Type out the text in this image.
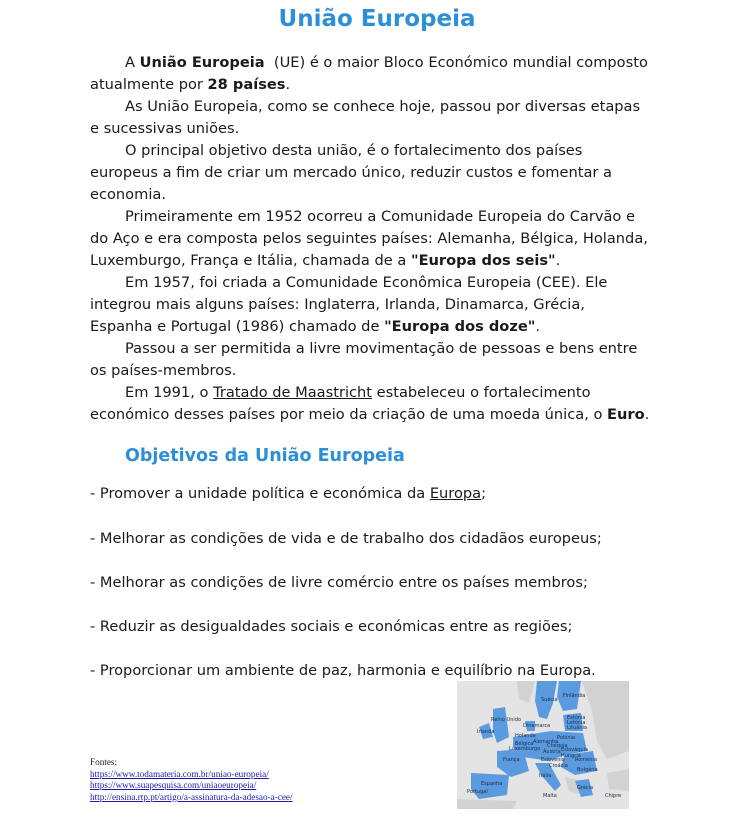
União Europeia

A União Europeia  (UE) é o maior Bloco Económico mundial composto atualmente por 28 países.

As União Europeia, como se conhece hoje, passou por diversas etapas e sucessivas uniões.

O principal objetivo desta união, é o fortalecimento dos países europeus a fim de criar um mercado único, reduzir custos e fomentar a economia.

Primeiramente em 1952 ocorreu a Comunidade Europeia do Carvão e do Aço e era composta pelos seguintes países: Alemanha, Bélgica, Holanda, Luxemburgo, França e Itália, chamada de a "Europa dos seis".

Em 1957, foi criada a Comunidade Econômica Europeia (CEE). Ele integrou mais alguns países: Inglaterra, Irlanda, Dinamarca, Grécia, Espanha e Portugal (1986) chamado de "Europa dos doze".

Passou a ser permitida a livre movimentação de pessoas e bens entre os países-membros.

Em 1991, o Tratado de Maastricht estabeleceu o fortalecimento económico desses países por meio da criação de uma moeda única, o Euro.

Objetivos da União Europeia
- Promover a unidade política e económica da Europa;
- Melhorar as condições de vida e de trabalho dos cidadãos europeus;
- Melhorar as condições de livre comércio entre os países membros;
- Reduzir as desigualdades sociais e económicas entre as regiões;
- Proporcionar um ambiente de paz, harmonia e equilíbrio na Europa.
Fontes:
https://www.todamateria.com.br/uniao-europeia/
https://www.suapesquisa.com/uniaoeuropeia/
http://ensina.rtp.pt/artigo/a-assinatura-da-adesao-a-cee/
Suécia
Finlândia
Estónia
Letónia
Lituânia
Polónia
Alemanha
Holanda
Bélgica
Luxemburgo
França
Chéquia
Eslováquia
Áustria
Hungria
Eslovénia
Croácia
Roménia
Bulgária
Itália
Espanha
Portugal
Irlanda
Reino Unido
Dinamarca
Grécia
Malta	Chipre
